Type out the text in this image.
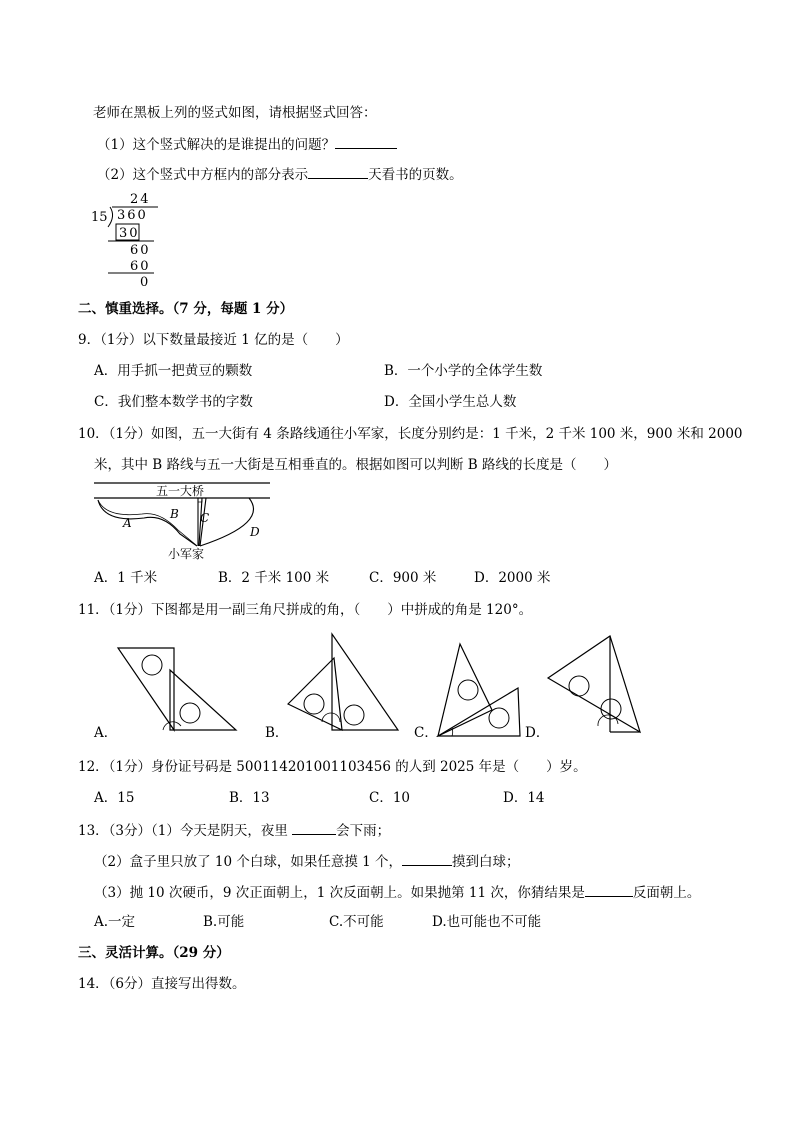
老师在黑板上列的竖式如图，请根据竖式回答：
（1）这个竖式解决的是谁提出的问题？
（2）这个竖式中方框内的部分表示	天看书的页数。
24
15 360
30
60
60
0
二、慎重选择。（7 分，每题 1 分）
9．（1分）以下数量最接近 1 亿的是（　　）
A．用手抓一把黄豆的颗数	B．一个小学的全体学生数
C．我们整本数学书的字数	D．全国小学生总人数
10．（1分）如图，五一大街有 4 条路线通往小军家，长度分别约是：1 千米，2 千米 100 米，900 米和 2000
米，其中 B 路线与五一大街是互相垂直的。根据如图可以判断 B 路线的长度是（　　）
五一大桥
A
B C
D
小军家
A．1 千米	B．2 千米 100 米	C．900 米	D．2000 米
11．（1分）下图都是用一副三角尺拼成的角，（　　）中拼成的角是 120°。
A．	B．	C．	D．
12．（1分）身份证号码是 500114201001103456 的人到 2025 年是（　　）岁。
A．15	B．13	C．10	D．14
13．（3分）（1）今天是阴天，夜里	会下雨；
（2）盒子里只放了 10 个白球，如果任意摸 1 个，	摸到白球；
（3）抛 10 次硬币，9 次正面朝上，1 次反面朝上。如果抛第 11 次，你猜结果是	反面朝上。
A.一定	B.可能	C.不可能	D.也可能也不可能
三、灵活计算。（29 分）
14．（6分）直接写出得数。
